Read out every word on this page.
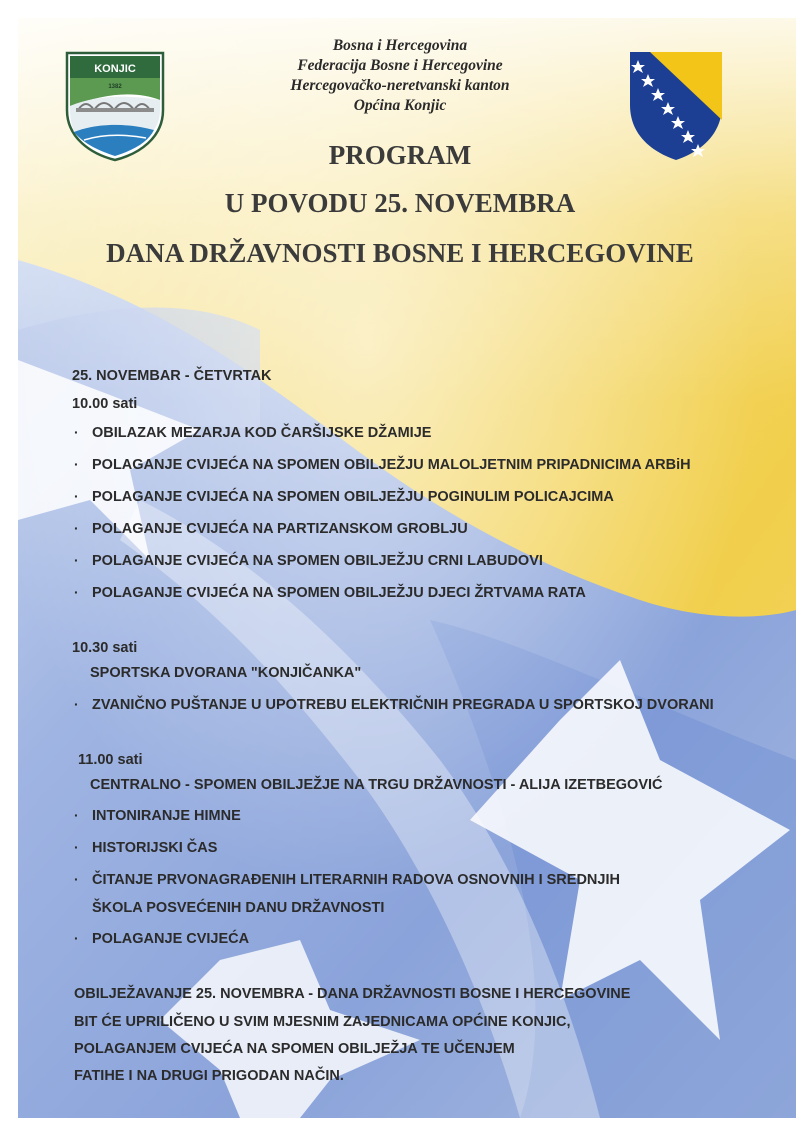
KONJIC
1382
Bosna i Hercegovina
Federacija Bosne i Hercegovine
Hercegovačko-neretvanski kanton
Općina Konjic
PROGRAM
U POVODU 25. NOVEMBRA
DANA DRŽAVNOSTI BOSNE I HERCEGOVINE
25. NOVEMBAR - ČETVRTAK
10.00 sati
· OBILAZAK MEZARJA KOD ČARŠIJSKE DŽAMIJE
· POLAGANJE CVIJEĆA NA SPOMEN OBILJEŽJU MALOLJETNIM PRIPADNICIMA ARBiH
· POLAGANJE CVIJEĆA NA SPOMEN OBILJEŽJU POGINULIM POLICAJCIMA
· POLAGANJE CVIJEĆA NA PARTIZANSKOM GROBLJU
· POLAGANJE CVIJEĆA NA SPOMEN OBILJEŽJU CRNI LABUDOVI
· POLAGANJE CVIJEĆA NA SPOMEN OBILJEŽJU DJECI ŽRTVAMA RATA
10.30 sati
SPORTSKA DVORANA "KONJIČANKA"
· ZVANIČNO PUŠTANJE U UPOTREBU ELEKTRIČNIH PREGRADA U SPORTSKOJ DVORANI
11.00 sati
CENTRALNO - SPOMEN OBILJEŽJE NA TRGU DRŽAVNOSTI - ALIJA IZETBEGOVIĆ
· INTONIRANJE HIMNE
· HISTORIJSKI ČAS
· ČITANJE PRVONAGRAĐENIH LITERARNIH RADOVA OSNOVNIH I SREDNJIH
ŠKOLA POSVEĆENIH DANU DRŽAVNOSTI
· POLAGANJE CVIJEĆA
OBILJEŽAVANJE 25. NOVEMBRA - DANA DRŽAVNOSTI BOSNE I HERCEGOVINE
BIT ĆE UPRILIČENO U SVIM MJESNIM ZAJEDNICAMA OPĆINE KONJIC,
POLAGANJEM CVIJEĆA NA SPOMEN OBILJEŽJA TE UČENJEM
FATIHE I NA DRUGI PRIGODAN NAČIN.
